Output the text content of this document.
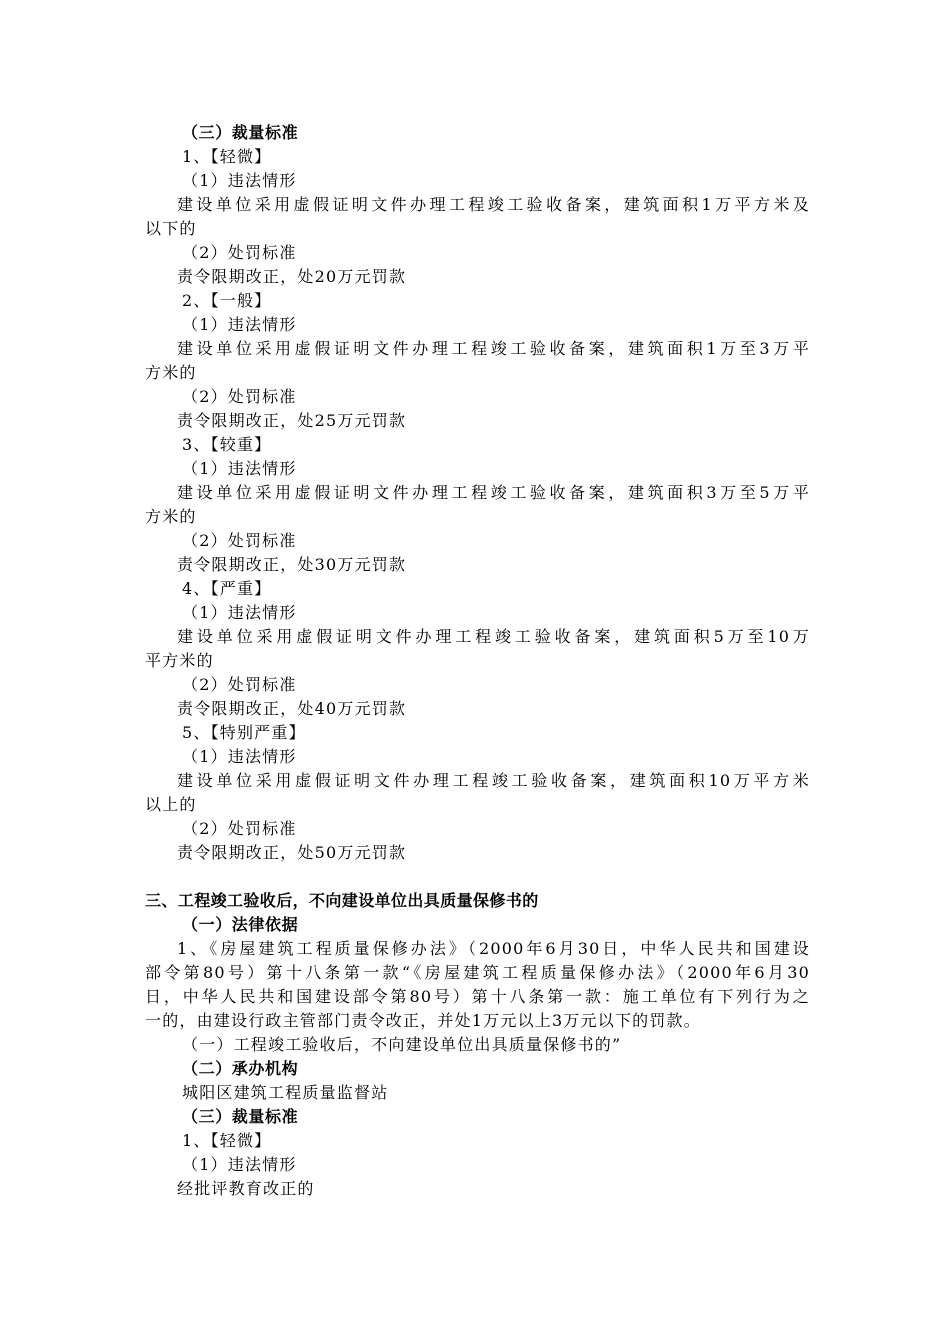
（三）裁量标准

1、【轻微】

（1）违法情形

建设单位采用虚假证明文件办理工程竣工验收备案，建筑面积1万平方米及

以下的

（2）处罚标准

责令限期改正，处20万元罚款

2、【一般】

（1）违法情形

建设单位采用虚假证明文件办理工程竣工验收备案，建筑面积1万至3万平

方米的

（2）处罚标准

责令限期改正，处25万元罚款

3、【较重】

（1）违法情形

建设单位采用虚假证明文件办理工程竣工验收备案，建筑面积3万至5万平

方米的

（2）处罚标准

责令限期改正，处30万元罚款

4、【严重】

（1）违法情形

建设单位采用虚假证明文件办理工程竣工验收备案，建筑面积5万至10万

平方米的

（2）处罚标准

责令限期改正，处40万元罚款

5、【特别严重】

（1）违法情形

建设单位采用虚假证明文件办理工程竣工验收备案，建筑面积10万平方米

以上的

（2）处罚标准

责令限期改正，处50万元罚款

三、工程竣工验收后，不向建设单位出具质量保修书的

（一）法律依据

1、《房屋建筑工程质量保修办法》（2000年6月30日，中华人民共和国建设

部令第80号）第十八条第一款“《房屋建筑工程质量保修办法》（2000年6月30

日，中华人民共和国建设部令第80号）第十八条第一款：施工单位有下列行为之

一的，由建设行政主管部门责令改正，并处1万元以上3万元以下的罚款。

（一）工程竣工验收后，不向建设单位出具质量保修书的”

（二）承办机构

城阳区建筑工程质量监督站

（三）裁量标准

1、【轻微】

（1）违法情形

经批评教育改正的
